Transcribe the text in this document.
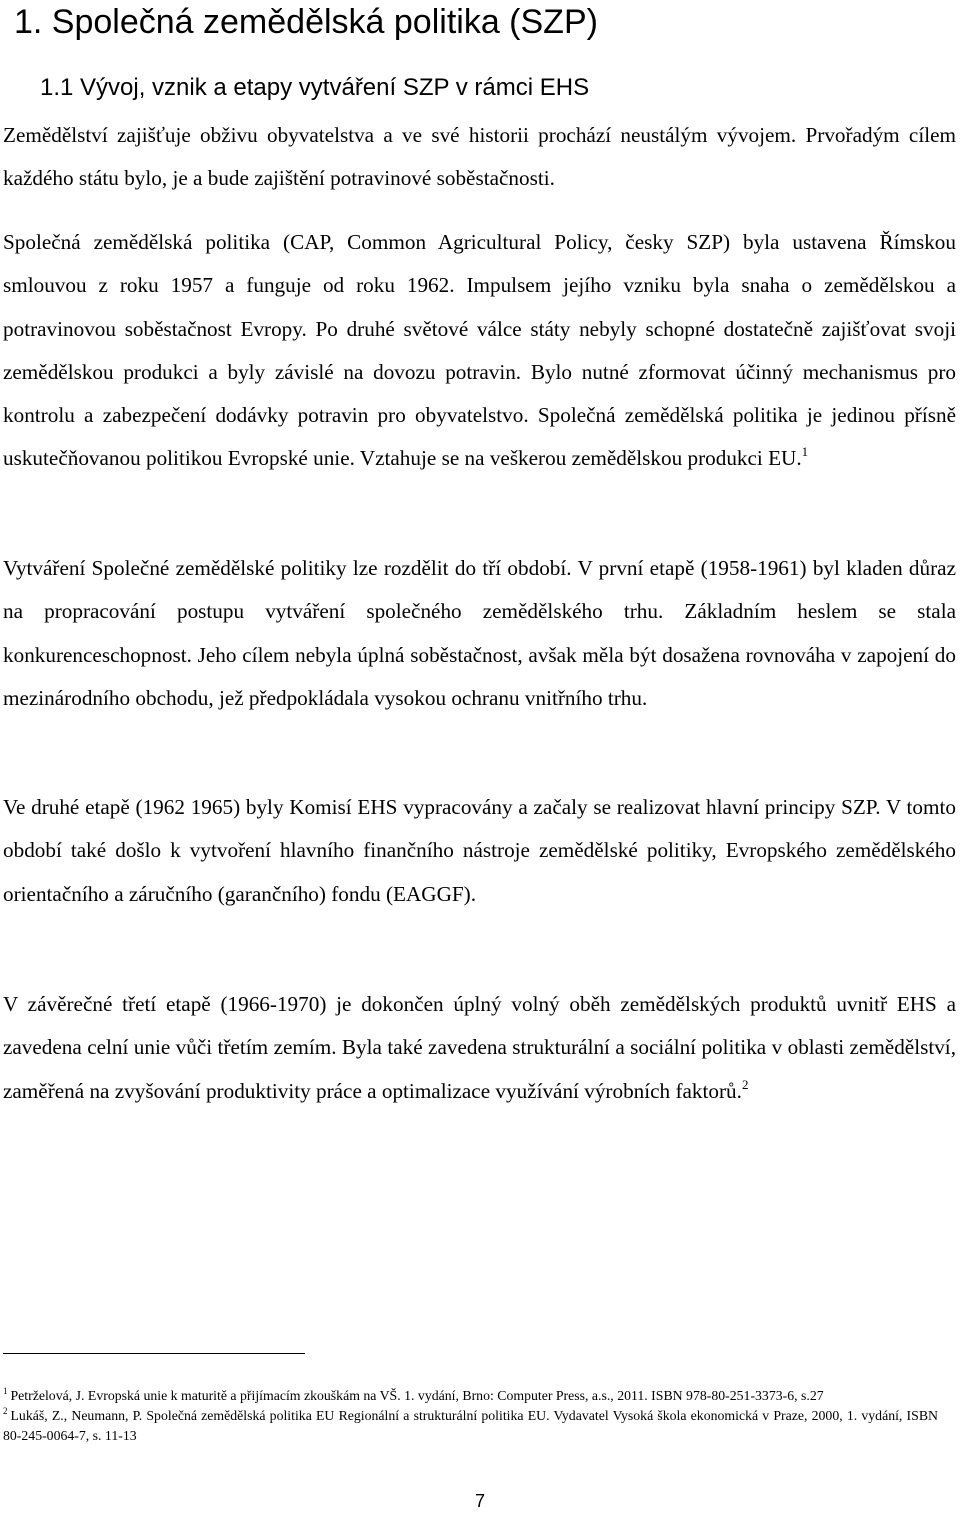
1. Společná zemědělská politika (SZP)
1.1 Vývoj, vznik a etapy vytváření SZP v rámci EHS

Zemědělství zajišťuje obživu obyvatelstva a ve své historii prochází neustálým vývojem. Prvořadým cílem každého státu bylo, je a bude zajištění potravinové soběstačnosti.

Společná zemědělská politika (CAP, Common Agricultural Policy, česky SZP) byla ustavena Římskou smlouvou z roku 1957 a funguje od roku 1962. Impulsem jejího vzniku byla snaha o zemědělskou a potravinovou soběstačnost Evropy. Po druhé světové válce státy nebyly schopné dostatečně zajišťovat svoji zemědělskou produkci a byly závislé na dovozu potravin. Bylo nutné zformovat účinný mechanismus pro kontrolu a zabezpečení dodávky potravin pro obyvatelstvo. Společná zemědělská politika je jedinou přísně uskutečňovanou politikou Evropské unie. Vztahuje se na veškerou zemědělskou produkci EU.$^1$

Vytváření Společné zemědělské politiky lze rozdělit do tří období. V první etapě (1958-1961) byl kladen důraz na propracování postupu vytváření společného zemědělského trhu. Základním heslem se stala konkurenceschopnost. Jeho cílem nebyla úplná soběstačnost, avšak měla být dosažena rovnováha v zapojení do mezinárodního obchodu, jež předpokládala vysokou ochranu vnitřního trhu.

Ve druhé etapě (1962 1965) byly Komisí EHS vypracovány a začaly se realizovat hlavní principy SZP. V tomto období také došlo k vytvoření hlavního finančního nástroje zemědělské politiky, Evropského zemědělského orientačního a záručního (garančního) fondu (EAGGF).

V závěrečné třetí etapě (1966-1970) je dokončen úplný volný oběh zemědělských produktů uvnitř EHS a zavedena celní unie vůči třetím zemím. Byla také zavedena strukturální a sociální politika v oblasti zemědělství, zaměřená na zvyšování produktivity práce a optimalizace využívání výrobních faktorů.$^2$

$^1$ Petrželová, J. Evropská unie k maturitě a přijímacím zkouškám na VŠ. 1. vydání, Brno: Computer Press, a.s., 2011. ISBN 978-80-251-3373-6, s.27

$^2$ Lukáš, Z., Neumann, P. Společná zemědělská politika EU Regionální a strukturální politika EU. Vydavatel Vysoká škola ekonomická v Praze, 2000, 1. vydání, ISBN 80-245-0064-7, s. 11-13

7
